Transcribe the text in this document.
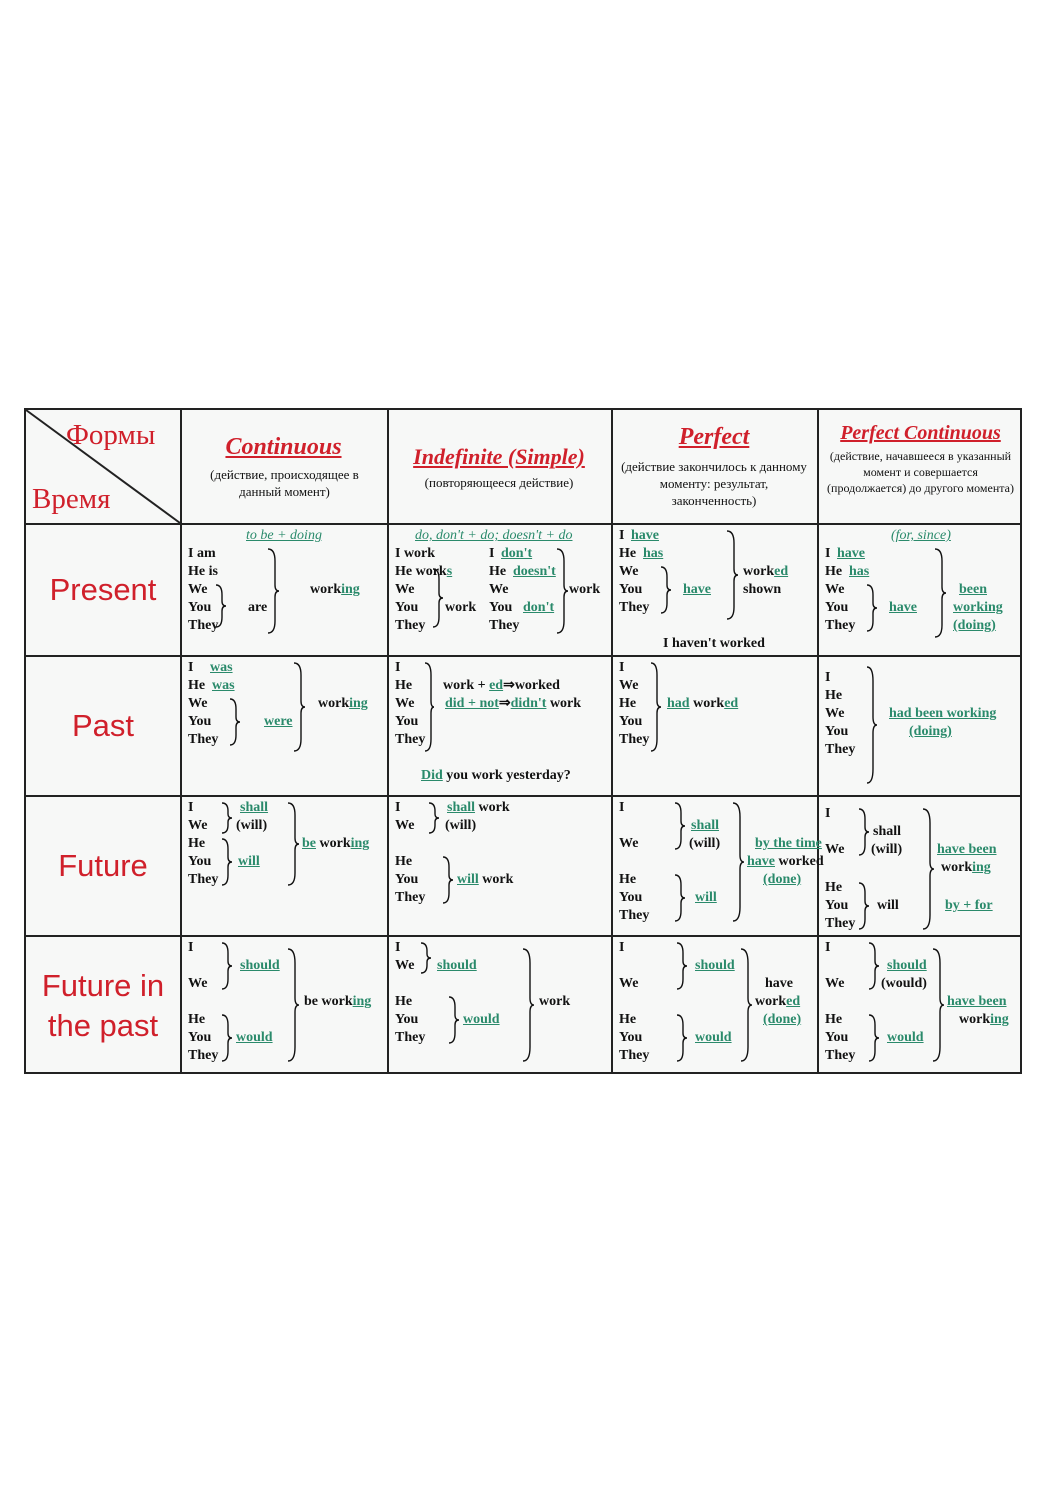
Формы
Время
Continuous
(действие, происходящее в данный момент)
Indefinite (Simple)
(повторяющееся действие)
Perfect
(действие закончилось к данному моменту: результат, законченность)
Perfect Continuous
(действие, начавшееся в указанный момент и совершается (продолжается) до другого момента)
Present
Past
Future
Future in the past
to be + doing
I am
He is
We
You
They
are
working
do, don't + do; doesn't + do
I work
He works
We
You
They
work
I don't
He doesn't
We
You don't
They
work
I have
He has
We
You
They
have
worked
shown
I haven't worked
(for, since)
I have
He has
We
You
They
have
been
working
(doing)
I was
He was
We
You
They
were
working
I
He
We
You
They
work + ed⇒worked
did + not⇒didn't work
Did you work yesterday?
I
We
He
You
They
had worked
I
He
We
You
They
had been working
(doing)
I
We
He
You
They
shall
(will)
will
be working
I
We
shall work
(will)
He
You
They
will work
I
We
shall
(will)
He
You
They
will
by the time
have worked
(done)
I
We
shall
(will)
He
You
They
will
have been
working
by + for
I
We
should
He
You
They
would
be working
I
We should
He
You
They
would
work
I
We
should
He
You
They
would
have
worked
(done)
I
We
should
(would)
He
You
They
would
have been
working
